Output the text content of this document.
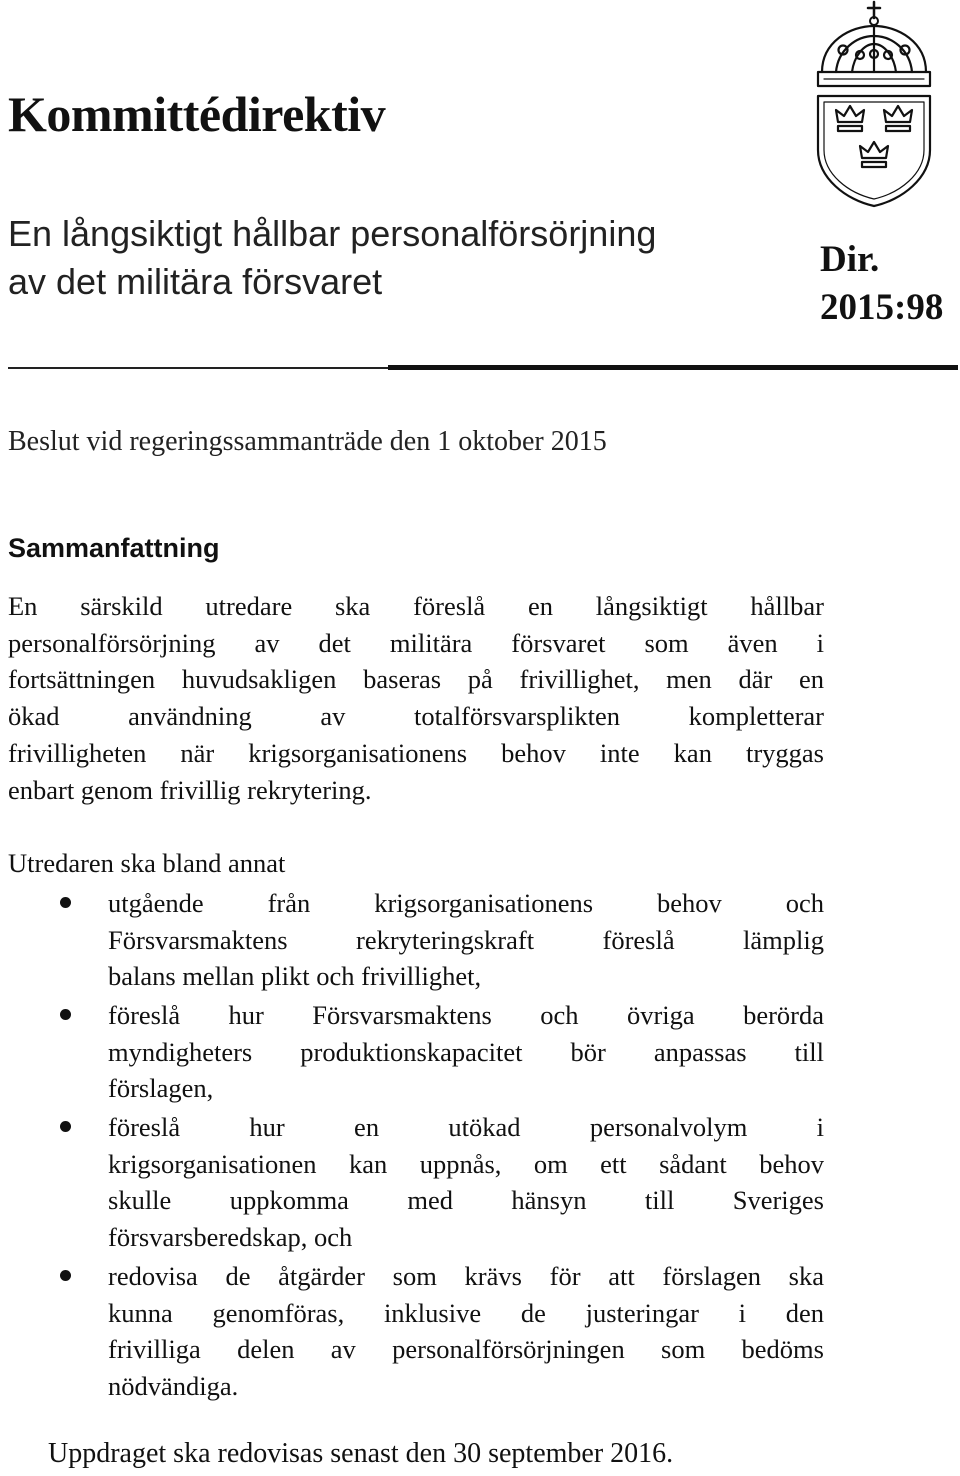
Kommittédirektiv
En långsiktigt hållbar personalförsörjning
av det militära försvaret
Dir.
2015:98
Beslut vid regeringssammanträde den 1 oktober 2015
Sammanfattning
En särskild utredare ska föreslå en långsiktigt hållbar
personalförsörjning av det militära försvaret som även i
fortsättningen huvudsakligen baseras på frivillighet, men där en
ökad användning av totalförsvarsplikten kompletterar
frivilligheten när krigsorganisationens behov inte kan tryggas
enbart genom frivillig rekrytering.
Utredaren ska bland annat
utgående från krigsorganisationens behov och
Försvarsmaktens rekryteringskraft föreslå lämplig
balans mellan plikt och frivillighet,
föreslå hur Försvarsmaktens och övriga berörda
myndigheters produktionskapacitet bör anpassas till
förslagen,
föreslå hur en utökad personalvolym i
krigsorganisationen kan uppnås, om ett sådant behov
skulle uppkomma med hänsyn till Sveriges
försvarsberedskap, och
redovisa de åtgärder som krävs för att förslagen ska
kunna genomföras, inklusive de justeringar i den
frivilliga delen av personalförsörjningen som bedöms
nödvändiga.
Uppdraget ska redovisas senast den 30 september 2016.
